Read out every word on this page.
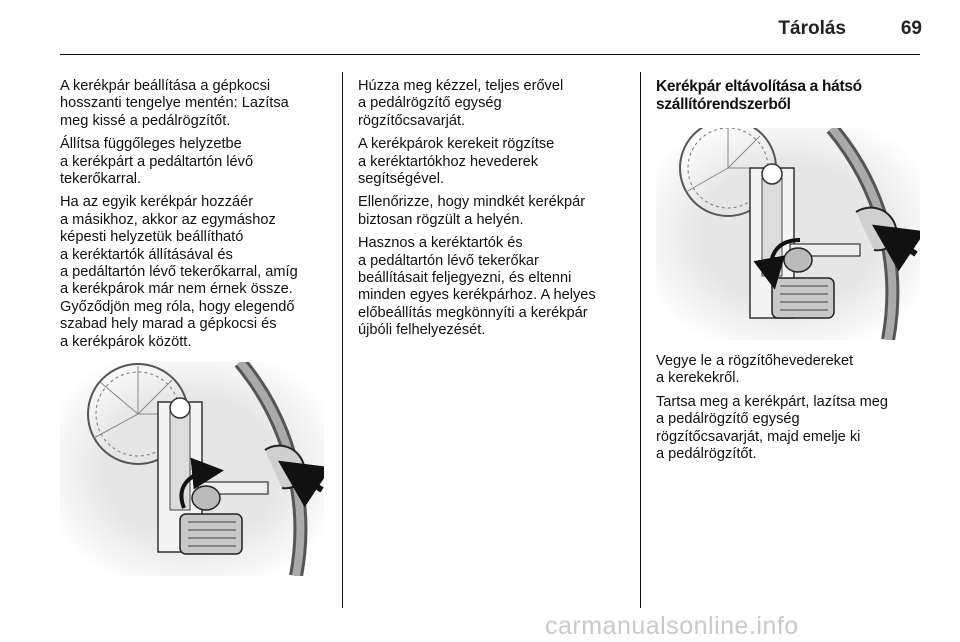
Tárolás	69

A kerékpár beállítása a gépkocsi
hosszanti tengelye mentén: Lazítsa
meg kissé a pedálrögzítőt.

Állítsa függőleges helyzetbe
a kerékpárt a pedáltartón lévő
tekerőkarral.

Ha az egyik kerékpár hozzáér
a másikhoz, akkor az egymáshoz
képesti helyzetük beállítható
a keréktartók állításával és
a pedáltartón lévő tekerőkarral, amíg
a kerékpárok már nem érnek össze.
Győződjön meg róla, hogy elegendő
szabad hely marad a gépkocsi és
a kerékpárok között.

Húzza meg kézzel, teljes erővel
a pedálrögzítő egység
rögzítőcsavarját.

A kerékpárok kerekeit rögzítse
a keréktartókhoz hevederek
segítségével.

Ellenőrizze, hogy mindkét kerékpár
biztosan rögzült a helyén.

Hasznos a keréktartók és
a pedáltartón lévő tekerőkar
beállításait feljegyezni, és eltenni
minden egyes kerékpárhoz. A helyes
előbeállítás megkönnyíti a kerékpár
újbóli felhelyezését.

Kerékpár eltávolítása a hátsó
szállítórendszerből

Vegye le a rögzítőhevedereket
a kerekekről.

Tartsa meg a kerékpárt, lazítsa meg
a pedálrögzítő egység
rögzítőcsavarját, majd emelje ki
a pedálrögzítőt.

carmanualsonline.info
